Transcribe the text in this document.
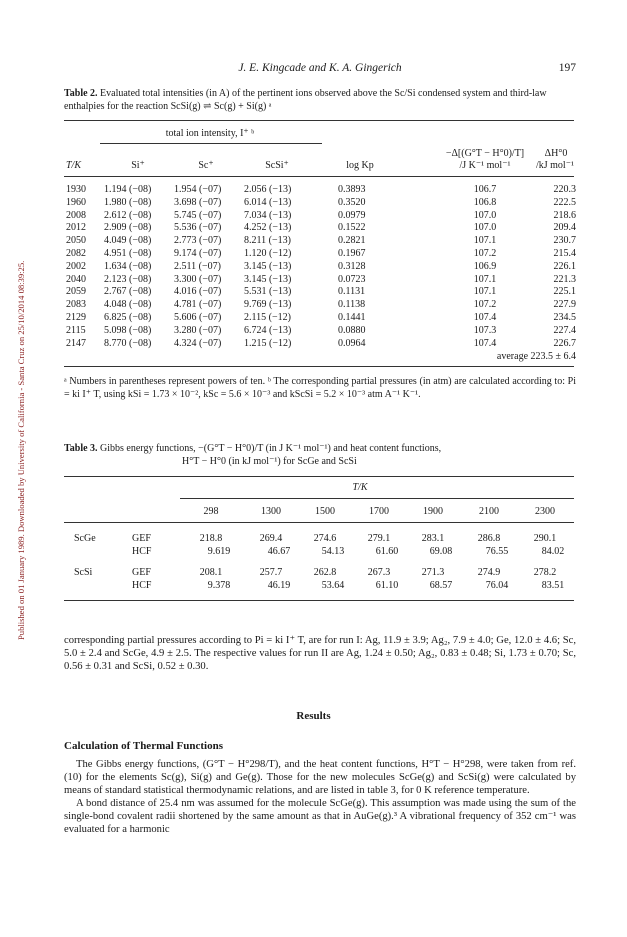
Published on 01 January 1989. Downloaded by University of California - Santa Cruz on 25/10/2014 08:39:25.
J. E. Kingcade and K. A. Gingerich	197
Table 2. Evaluated total intensities (in A) of the pertinent ions observed above the Sc/Si condensed system and third-law enthalpies for the reaction ScSi(g) ⇌ Sc(g) + Si(g) ᵃ
total ion intensity, I⁺ ᵇ
−Δ[(G°T − H°0)/T]	ΔH°0
T/K	Si⁺	Sc⁺	ScSi⁺	log Kp	/J K⁻¹ mol⁻¹	/kJ mol⁻¹
1930	1.194 (−08)	1.954 (−07)	2.056 (−13)	0.3893	106.7	220.3
1960	1.980 (−08)	3.698 (−07)	6.014 (−13)	0.3520	106.8	222.5
2008	2.612 (−08)	5.745 (−07)	7.034 (−13)	0.0979	107.0	218.6
2012	2.909 (−08)	5.536 (−07)	4.252 (−13)	0.1522	107.0	209.4
2050	4.049 (−08)	2.773 (−07)	8.211 (−13)	0.2821	107.1	230.7
2082	4.951 (−08)	9.174 (−07)	1.120 (−12)	0.1967	107.2	215.4
2002	1.634 (−08)	2.511 (−07)	3.145 (−13)	0.3128	106.9	226.1
2040	2.123 (−08)	3.300 (−07)	3.145 (−13)	0.0723	107.1	221.3
2059	2.767 (−08)	4.016 (−07)	5.531 (−13)	0.1131	107.1	225.1
2083	4.048 (−08)	4.781 (−07)	9.769 (−13)	0.1138	107.2	227.9
2129	6.825 (−08)	5.606 (−07)	2.115 (−12)	0.1441	107.4	234.5
2115	5.098 (−08)	3.280 (−07)	6.724 (−13)	0.0880	107.3	227.4
2147	8.770 (−08)	4.324 (−07)	1.215 (−12)	0.0964	107.4	226.7
average 223.5 ± 6.4
ᵃ Numbers in parentheses represent powers of ten. ᵇ The corresponding partial pressures (in atm) are calculated according to: Pi = ki I⁺ T, using kSi = 1.73 × 10⁻², kSc = 5.6 × 10⁻³ and kScSi = 5.2 × 10⁻³ atm A⁻¹ K⁻¹.
Table 3. Gibbs energy functions, −(G°T − H°0)/T (in J K⁻¹ mol⁻¹) and heat content functions,
H°T − H°0 (in kJ mol⁻¹) for ScGe and ScSi
T/K
298	1300	1500	1700	1900	2100	2300
ScGe	GEF	218.8	269.4	274.6	279.1	283.1	286.8	290.1
HCF	9.619	46.67	54.13	61.60	69.08	76.55	84.02
ScSi	GEF	208.1	257.7	262.8	267.3	271.3	274.9	278.2
HCF	9.378	46.19	53.64	61.10	68.57	76.04	83.51

corresponding partial pressures according to Pi = ki I⁺ T, are for run I: Ag, 11.9 ± 3.9; Ag₂, 7.9 ± 4.0; Ge, 12.0 ± 4.6; Sc, 5.0 ± 2.4 and ScGe, 4.9 ± 2.5. The respective values for run II are Ag, 1.24 ± 0.50; Ag₂, 0.83 ± 0.48; Si, 1.73 ± 0.70; Sc, 0.56 ± 0.31 and ScSi, 0.52 ± 0.30.

Results
Calculation of Thermal Functions

The Gibbs energy functions, (G°T − H°298/T), and the heat content functions, H°T − H°298, were taken from ref. (10) for the elements Sc(g), Si(g) and Ge(g). Those for the new molecules ScGe(g) and ScSi(g) were calculated by means of standard statistical thermodynamic relations, and are listed in table 3, for 0 K reference temperature.

A bond distance of 25.4 nm was assumed for the molecule ScGe(g). This assumption was made using the sum of the single-bond covalent radii shortened by the same amount as that in AuGe(g).³ A vibrational frequency of 352 cm⁻¹ was evaluated for a harmonic
